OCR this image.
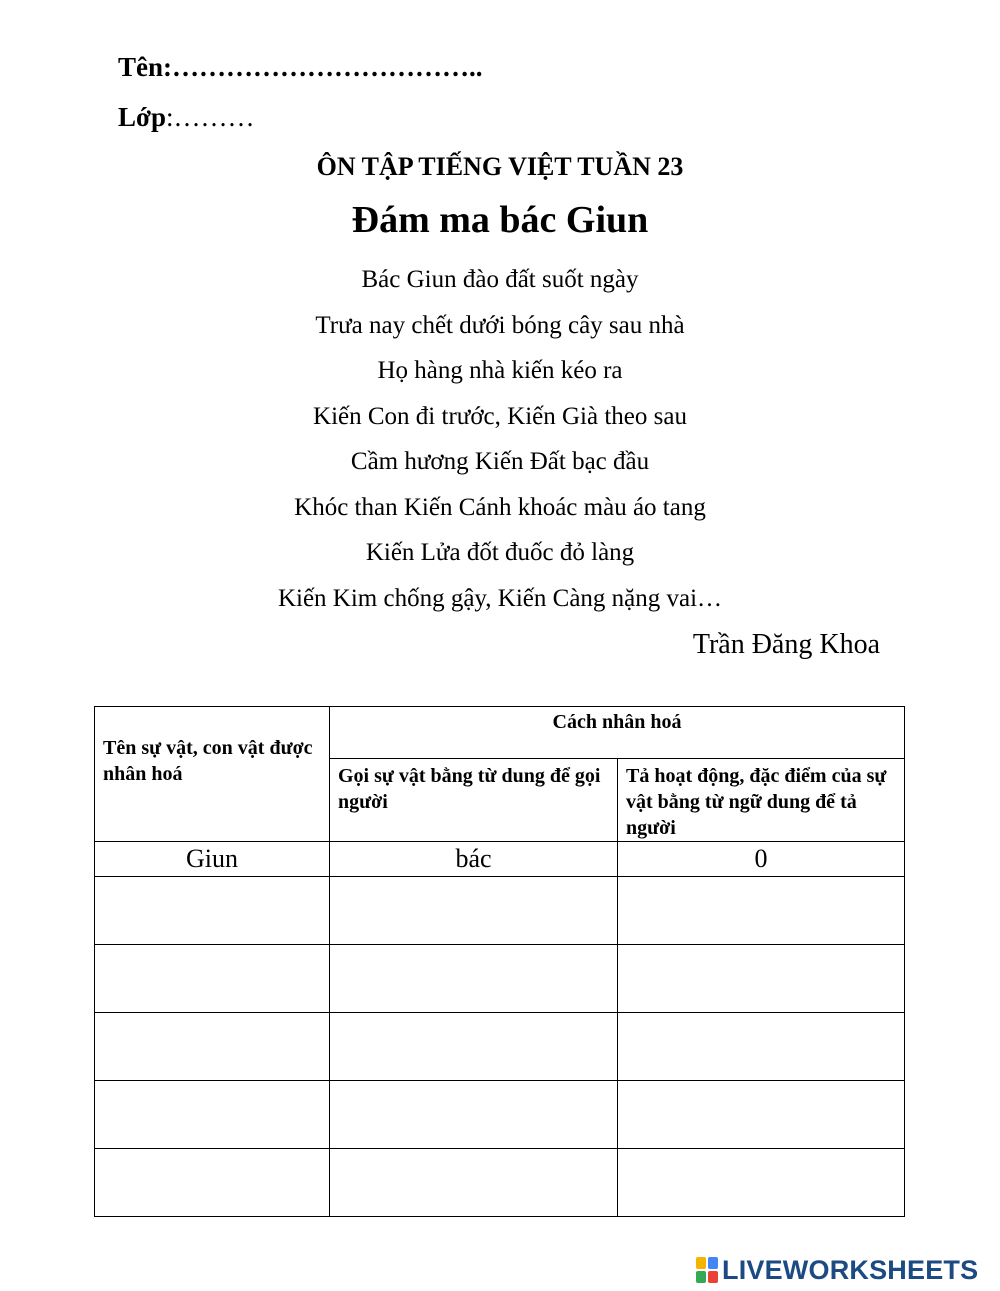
Tên:……………………………..
Lớp:………
ÔN TẬP TIẾNG VIỆT TUẦN 23
Đám ma bác Giun
Bác Giun đào đất suốt ngày
Trưa nay chết dưới bóng cây sau nhà
Họ hàng nhà kiến kéo ra
Kiến Con đi trước, Kiến Già theo sau
Cầm hương Kiến Đất bạc đầu
Khóc than Kiến Cánh khoác màu áo tang
Kiến Lửa đốt đuốc đỏ làng
Kiến Kim chống gậy, Kiến Càng nặng vai…
Trần Đăng Khoa
Tên sự vật, con vật được nhân hoá	Cách nhân hoá	
	Gọi sự vật bằng từ dung để gọi người	Tả hoạt động, đặc điểm của sự vật bằng từ ngữ dung để tả người
Giun	bác	0

LIVEWORKSHEETS
